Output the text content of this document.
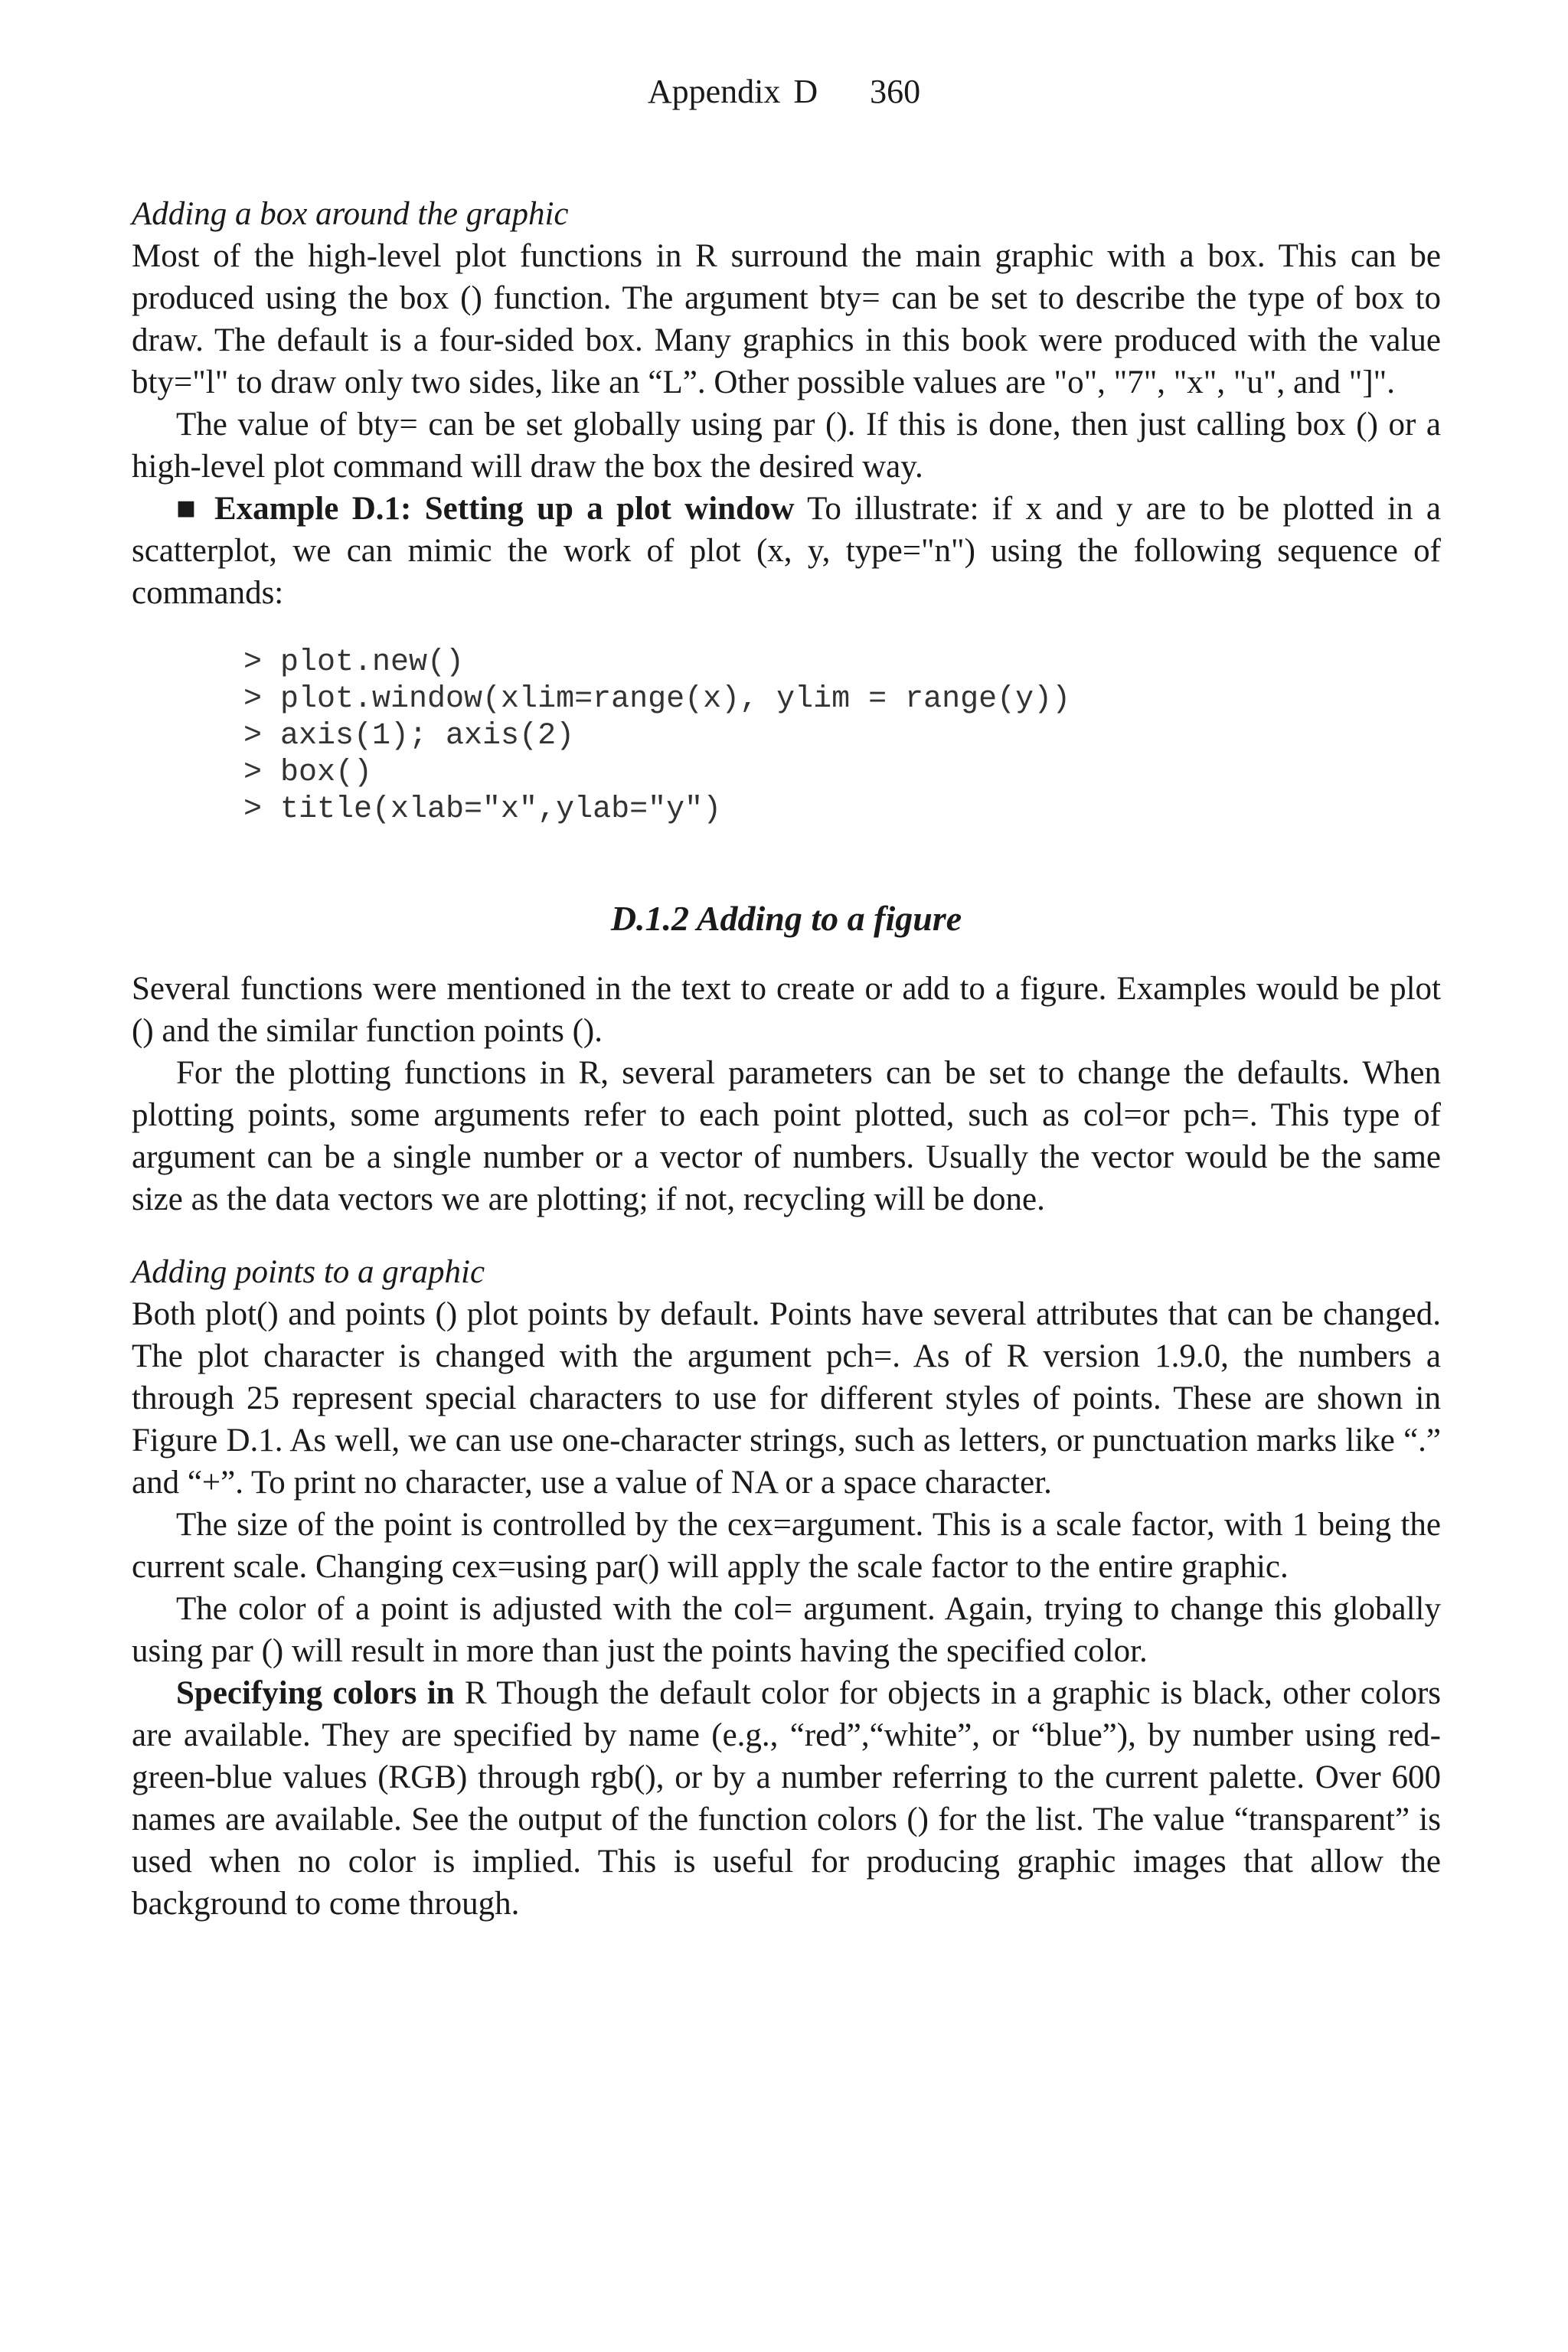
Appendix D    360

Adding a box around the graphic

Most of the high-level plot functions in R surround the main graphic with a box. This can be produced using the box () function. The argument bty= can be set to describe the type of box to draw. The default is a four-sided box. Many graphics in this book were produced with the value bty="l" to draw only two sides, like an “L”. Other possible values are "o", "7", "x", "u", and "]".

The value of bty= can be set globally using par (). If this is done, then just calling box () or a high-level plot command will draw the box the desired way.

■ Example D.1: Setting up a plot window To illustrate: if x and y are to be plotted in a scatterplot, we can mimic the work of plot (x, y, type="n") using the following sequence of commands:

> plot.new()
> plot.window(xlim=range(x), ylim = range(y))
> axis(1); axis(2)
> box()
> title(xlab="x",ylab="y")

D.1.2 Adding to a figure

Several functions were mentioned in the text to create or add to a figure. Examples would be plot () and the similar function points ().

For the plotting functions in R, several parameters can be set to change the defaults. When plotting points, some arguments refer to each point plotted, such as col=or pch=. This type of argument can be a single number or a vector of numbers. Usually the vector would be the same size as the data vectors we are plotting; if not, recycling will be done.

Adding points to a graphic

Both plot() and points () plot points by default. Points have several attributes that can be changed. The plot character is changed with the argument pch=. As of R version 1.9.0, the numbers a through 25 represent special characters to use for different styles of points. These are shown in Figure D.1. As well, we can use one-character strings, such as letters, or punctuation marks like “.” and “+”. To print no character, use a value of NA or a space character.

The size of the point is controlled by the cex=argument. This is a scale factor, with 1 being the current scale. Changing cex=using par() will apply the scale factor to the entire graphic.

The color of a point is adjusted with the col= argument. Again, trying to change this globally using par () will result in more than just the points having the specified color.

Specifying colors in R Though the default color for objects in a graphic is black, other colors are available. They are specified by name (e.g., “red”,“white”, or “blue”), by number using red-green-blue values (RGB) through rgb(), or by a number referring to the current palette. Over 600 names are available. See the output of the function colors () for the list. The value “transparent” is used when no color is implied. This is useful for producing graphic images that allow the background to come through.
